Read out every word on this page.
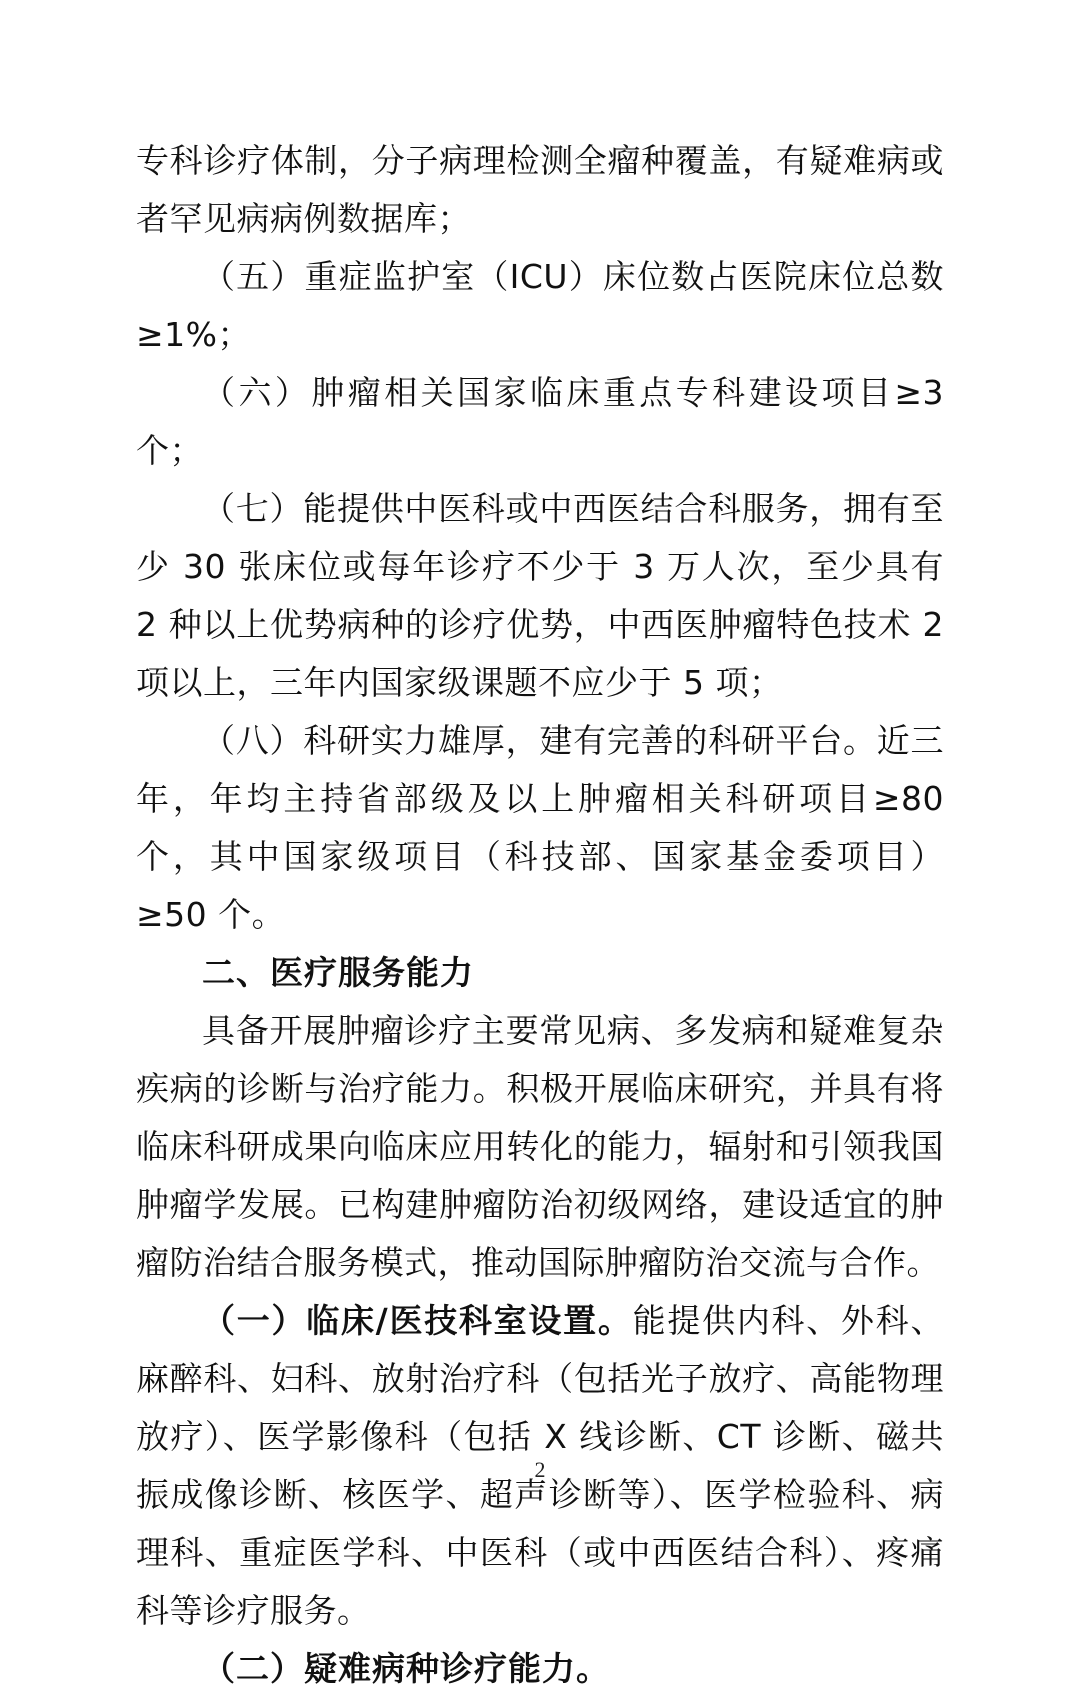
专科诊疗体制，分子病理检测全瘤种覆盖，有疑难病或者罕见病病例数据库；

（五）重症监护室（ICU）床位数占医院床位总数≥1%；

（六）肿瘤相关国家临床重点专科建设项目≥3个；

（七）能提供中医科或中西医结合科服务，拥有至少 30 张床位或每年诊疗不少于 3 万人次，至少具有 2 种以上优势病种的诊疗优势，中西医肿瘤特色技术 2 项以上，三年内国家级课题不应少于 5 项；

（八）科研实力雄厚，建有完善的科研平台。近三年，年均主持省部级及以上肿瘤相关科研项目≥80 个，其中国家级项目（科技部、国家基金委项目）≥50 个。

二、医疗服务能力

具备开展肿瘤诊疗主要常见病、多发病和疑难复杂疾病的诊断与治疗能力。积极开展临床研究，并具有将临床科研成果向临床应用转化的能力，辐射和引领我国肿瘤学发展。已构建肿瘤防治初级网络，建设适宜的肿瘤防治结合服务模式，推动国际肿瘤防治交流与合作。

（一）临床/医技科室设置。能提供内科、外科、麻醉科、妇科、放射治疗科（包括光子放疗、高能物理放疗）、医学影像科（包括 X 线诊断、CT 诊断、磁共振成像诊断、核医学、超声诊断等）、医学检验科、病理科、重症医学科、中医科（或中西医结合科）、疼痛科等诊疗服务。

（二）疑难病种诊疗能力。

2
